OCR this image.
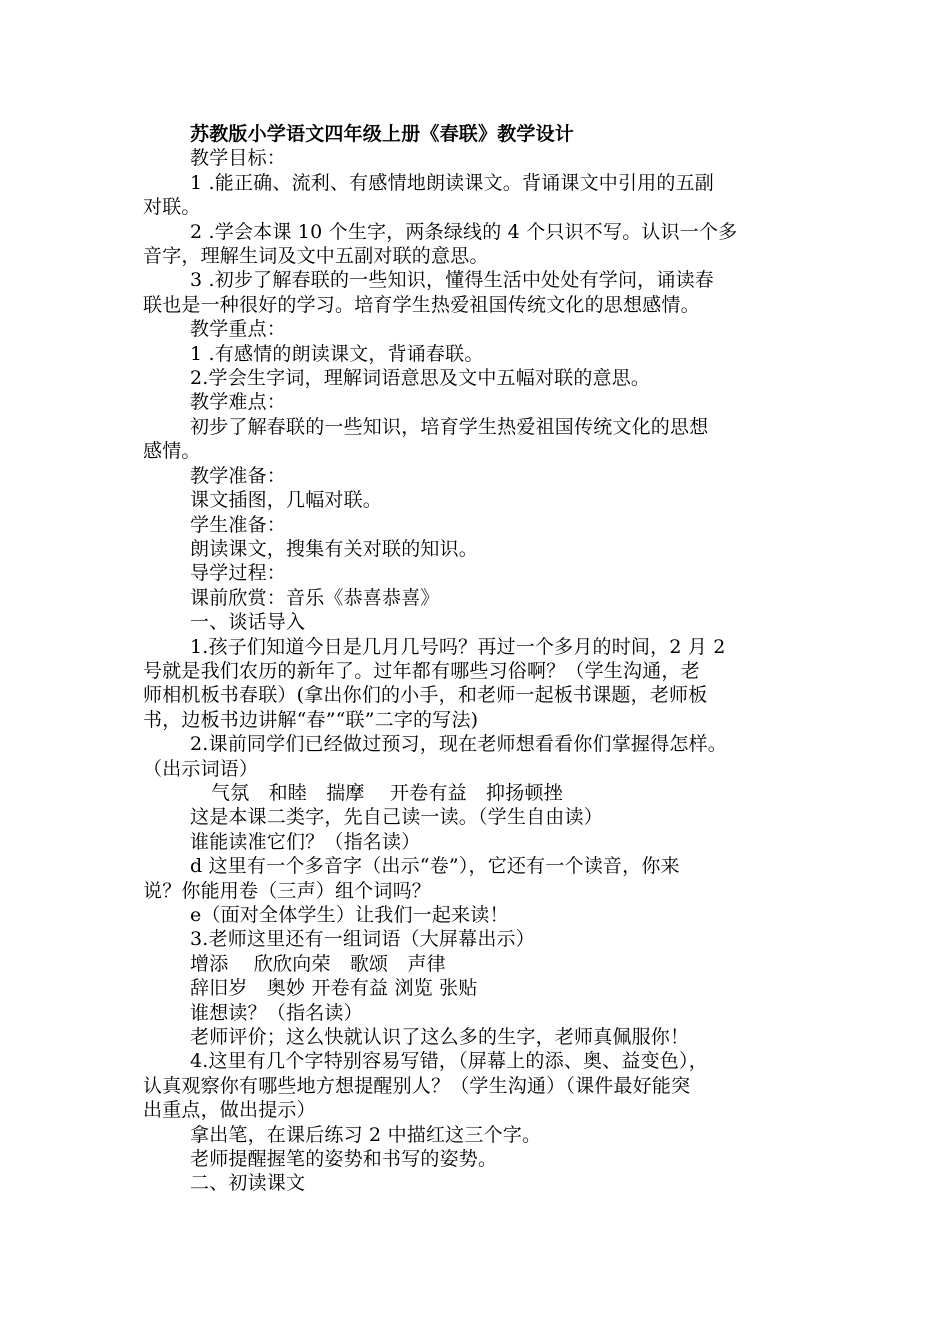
苏教版小学语文四年级上册《春联》教学设计
教学目标：
1 .能正确、流利、有感情地朗读课文。背诵课文中引用的五副
对联。
2 .学会本课 10 个生字，两条绿线的 4 个只识不写。认识一个多
音字，理解生词及文中五副对联的意思。
3 .初步了解春联的一些知识，懂得生活中处处有学问，诵读春
联也是一种很好的学习。培育学生热爱祖国传统文化的思想感情。
教学重点：
1 .有感情的朗读课文，背诵春联。
2.学会生字词，理解词语意思及文中五幅对联的意思。
教学难点：
初步了解春联的一些知识，培育学生热爱祖国传统文化的思想
感情。
教学准备：
课文插图，几幅对联。
学生准备：
朗读课文，搜集有关对联的知识。
导学过程：
课前欣赏：音乐《恭喜恭喜》
一、谈话导入
1.孩子们知道今日是几月几号吗？再过一个多月的时间，2 月 2
号就是我们农历的新年了。过年都有哪些习俗啊？（学生沟通，老
师相机板书春联）(拿出你们的小手，和老师一起板书课题，老师板
书，边板书边讲解“春”“联”二字的写法)
2.课前同学们已经做过预习，现在老师想看看你们掌握得怎样。
（出示词语）
气氛　和睦　揣摩　 开卷有益　抑扬顿挫
这是本课二类字，先自己读一读。（学生自由读）
谁能读准它们？（指名读）
d 这里有一个多音字（出示“卷”），它还有一个读音，你来
说？你能用卷（三声）组个词吗？
e（面对全体学生）让我们一起来读！
3.老师这里还有一组词语（大屏幕出示）
增添　 欣欣向荣　歌颂　声律
辞旧岁　奥妙 开卷有益 浏览 张贴
谁想读？（指名读）
老师评价；这么快就认识了这么多的生字，老师真佩服你！
4.这里有几个字特别容易写错，（屏幕上的添、奥、益变色），
认真观察你有哪些地方想提醒别人？（学生沟通）（课件最好能突
出重点，做出提示）
拿出笔，在课后练习 2 中描红这三个字。
老师提醒握笔的姿势和书写的姿势。
二、初读课文
